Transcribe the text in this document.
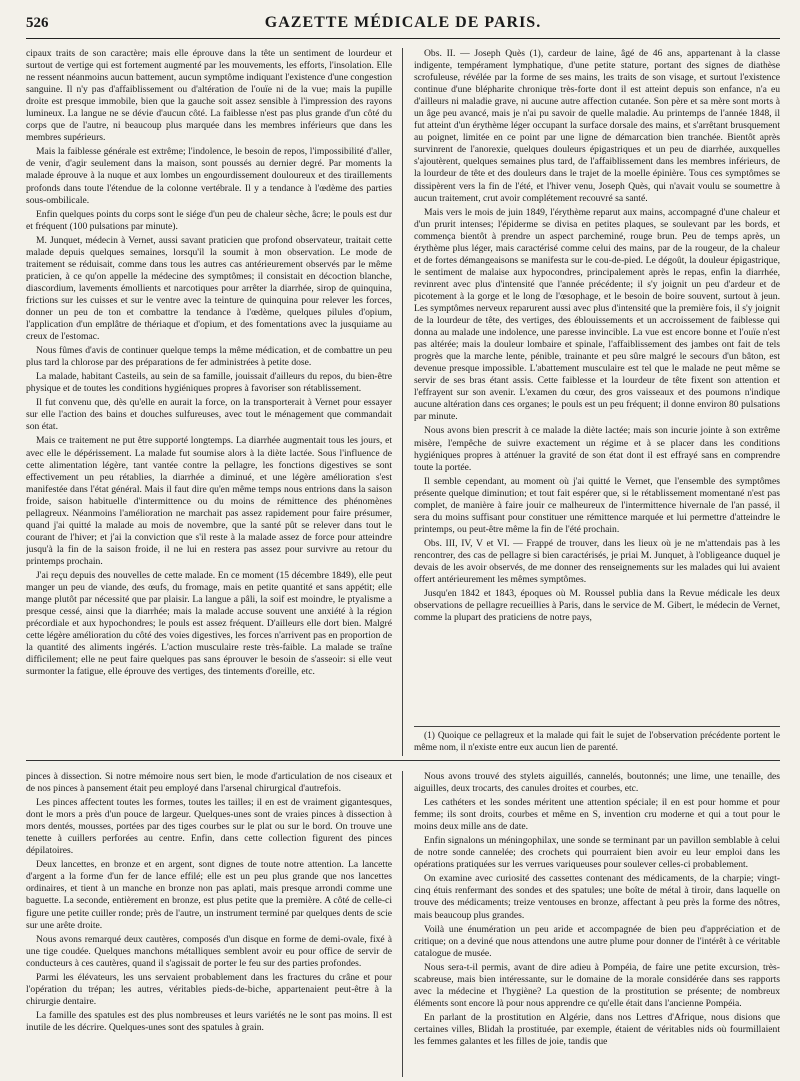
526	GAZETTE MÉDICALE DE PARIS.

cipaux traits de son caractère; mais elle éprouve dans la tête un sentiment de lourdeur et surtout de vertige qui est fortement augmenté par les mouvements, les efforts, l'insolation. Elle ne ressent néanmoins aucun battement, aucun symptôme indiquant l'existence d'une congestion sanguine. Il n'y pas d'affaiblissement ou d'altération de l'ouïe ni de la vue; mais la pupille droite est presque immobile, bien que la gauche soit assez sensible à l'impression des rayons lumineux. La langue ne se dévie d'aucun côté. La faiblesse n'est pas plus grande d'un côté du corps que de l'autre, ni beaucoup plus marquée dans les membres inférieurs que dans les membres supérieurs.

Mais la faiblesse générale est extrême; l'indolence, le besoin de repos, l'impossibilité d'aller, de venir, d'agir seulement dans la maison, sont poussés au dernier degré. Par moments la malade éprouve à la nuque et aux lombes un engourdissement douloureux et des tiraillements profonds dans toute l'étendue de la colonne vertébrale. Il y a tendance à l'œdème des parties sous-ombilicale.

Enfin quelques points du corps sont le siége d'un peu de chaleur sèche, âcre; le pouls est dur et fréquent (100 pulsations par minute).

M. Junquet, médecin à Vernet, aussi savant praticien que profond observateur, traitait cette malade depuis quelques semaines, lorsqu'il la soumit à mon observation. Le mode de traitement se réduisait, comme dans tous les autres cas antérieurement observés par le même praticien, à ce qu'on appelle la médecine des symptômes; il consistait en décoction blanche, diascordium, lavements émollients et narcotiques pour arrêter la diarrhée, sirop de quinquina, frictions sur les cuisses et sur le ventre avec la teinture de quinquina pour relever les forces, donner un peu de ton et combattre la tendance à l'œdème, quelques pilules d'opium, l'application d'un emplâtre de thériaque et d'opium, et des fomentations avec la jusquiame au creux de l'estomac.

Nous fûmes d'avis de continuer quelque temps la même médication, et de combattre un peu plus tard la chlorose par des préparations de fer administrées à petite dose.

La malade, habitant Casteils, au sein de sa famille, jouissait d'ailleurs du repos, du bien-être physique et de toutes les conditions hygiéniques propres à favoriser son rétablissement.

Il fut convenu que, dès qu'elle en aurait la force, on la transporterait à Vernet pour essayer sur elle l'action des bains et douches sulfureuses, avec tout le ménagement que commandait son état.

Mais ce traitement ne put être supporté longtemps. La diarrhée augmentait tous les jours, et avec elle le dépérissement. La malade fut soumise alors à la diète lactée. Sous l'influence de cette alimentation légère, tant vantée contre la pellagre, les fonctions digestives se sont effectivement un peu rétablies, la diarrhée a diminué, et une légère amélioration s'est manifestée dans l'état général. Mais il faut dire qu'en même temps nous entrions dans la saison froide, saison habituelle d'intermittence ou du moins de rémittence des phénomènes pellagreux. Néanmoins l'amélioration ne marchait pas assez rapidement pour faire présumer, quand j'ai quitté la malade au mois de novembre, que la santé pût se relever dans tout le courant de l'hiver; et j'ai la conviction que s'il reste à la malade assez de force pour atteindre jusqu'à la fin de la saison froide, il ne lui en restera pas assez pour survivre au retour du printemps prochain.

J'ai reçu depuis des nouvelles de cette malade. En ce moment (15 décembre 1849), elle peut manger un peu de viande, des œufs, du fromage, mais en petite quantité et sans appétit; elle mange plutôt par nécessité que par plaisir. La langue a pâli, la soif est moindre, le ptyalisme a presque cessé, ainsi que la diarrhée; mais la malade accuse souvent une anxiété à la région précordiale et aux hypochondres; le pouls est assez fréquent. D'ailleurs elle dort bien. Malgré cette légère amélioration du côté des voies digestives, les forces n'arrivent pas en proportion de la quantité des aliments ingérés. L'action musculaire reste très-faible. La malade se traîne difficilement; elle ne peut faire quelques pas sans éprouver le besoin de s'asseoir: si elle veut surmonter la fatigue, elle éprouve des vertiges, des tintements d'oreille, etc.

Obs. II. — Joseph Quès (1), cardeur de laine, âgé de 46 ans, appartenant à la classe indigente, tempérament lymphatique, d'une petite stature, portant des signes de diathèse scrofuleuse, révélée par la forme de ses mains, les traits de son visage, et surtout l'existence continue d'une blépharite chronique très-forte dont il est atteint depuis son enfance, n'a eu d'ailleurs ni maladie grave, ni aucune autre affection cutanée. Son père et sa mère sont morts à un âge peu avancé, mais je n'ai pu savoir de quelle maladie. Au printemps de l'année 1848, il fut atteint d'un érythème léger occupant la surface dorsale des mains, et s'arrêtant brusquement au poignet, limitée en ce point par une ligne de démarcation bien tranchée. Bientôt après survinrent de l'anorexie, quelques douleurs épigastriques et un peu de diarrhée, auxquelles s'ajoutèrent, quelques semaines plus tard, de l'affaiblissement dans les membres inférieurs, de la lourdeur de tête et des douleurs dans le trajet de la moelle épinière. Tous ces symptômes se dissipèrent vers la fin de l'été, et l'hiver venu, Joseph Quès, qui n'avait voulu se soumettre à aucun traitement, crut avoir complétement recouvré sa santé.

Mais vers le mois de juin 1849, l'érythème reparut aux mains, accompagné d'une chaleur et d'un prurit intenses; l'épiderme se divisa en petites plaques, se soulevant par les bords, et commença bientôt à prendre un aspect parcheminé, rouge brun. Peu de temps après, un érythème plus léger, mais caractérisé comme celui des mains, par de la rougeur, de la chaleur et de fortes démangeaisons se manifesta sur le cou-de-pied. Le dégoût, la douleur épigastrique, le sentiment de malaise aux hypocondres, principalement après le repas, enfin la diarrhée, revinrent avec plus d'intensité que l'année précédente; il s'y joignit un peu d'ardeur et de picotement à la gorge et le long de l'œsophage, et le besoin de boire souvent, surtout à jeun. Les symptômes nerveux reparurent aussi avec plus d'intensité que la première fois, il s'y joignit de la lourdeur de tête, des vertiges, des éblouissements et un accroissement de faiblesse qui donna au malade une indolence, une paresse invincible. La vue est encore bonne et l'ouïe n'est pas altérée; mais la douleur lombaire et spinale, l'affaiblissement des jambes ont fait de tels progrès que la marche lente, pénible, trainante et peu sûre malgré le secours d'un bâton, est devenue presque impossible. L'abattement musculaire est tel que le malade ne peut même se servir de ses bras étant assis. Cette faiblesse et la lourdeur de tête fixent son attention et l'effrayent sur son avenir. L'examen du cœur, des gros vaisseaux et des poumons n'indique aucune altération dans ces organes; le pouls est un peu fréquent; il donne environ 80 pulsations par minute.

Nous avons bien prescrit à ce malade la diète lactée; mais son incurie jointe à son extrême misère, l'empêche de suivre exactement un régime et à se placer dans les conditions hygiéniques propres à atténuer la gravité de son état dont il est effrayé sans en comprendre toute la portée.

Il semble cependant, au moment où j'ai quitté le Vernet, que l'ensemble des symptômes présente quelque diminution; et tout fait espérer que, si le rétablissement momentané n'est pas complet, de manière à faire jouir ce malheureux de l'intermittence hivernale de l'an passé, il sera du moins suffisant pour constituer une rémittence marquée et lui permettre d'atteindre le printemps, ou peut-être même la fin de l'été prochain.

Obs. III, IV, V et VI. — Frappé de trouver, dans les lieux où je ne m'attendais pas à les rencontrer, des cas de pellagre si bien caractérisés, je priai M. Junquet, à l'obligeance duquel je devais de les avoir observés, de me donner des renseignements sur les malades qui lui avaient offert antérieurement les mêmes symptômes.

Jusqu'en 1842 et 1843, époques où M. Roussel publia dans la Revue médicale les deux observations de pellagre recueillies à Paris, dans le service de M. Gibert, le médecin de Vernet, comme la plupart des praticiens de notre pays,

(1) Quoique ce pellagreux et la malade qui fait le sujet de l'observation précédente portent le même nom, il n'existe entre eux aucun lien de parenté.

pinces à dissection. Si notre mémoire nous sert bien, le mode d'articulation de nos ciseaux et de nos pinces à pansement était peu employé dans l'arsenal chirurgical d'autrefois.

Les pinces affectent toutes les formes, toutes les tailles; il en est de vraiment gigantesques, dont le mors a près d'un pouce de largeur. Quelques-unes sont de vraies pinces à dissection à mors dentés, mousses, portées par des tiges courbes sur le plat ou sur le bord. On trouve une tenette à cuillers perforées au centre. Enfin, dans cette collection figurent des pinces dépilatoires.

Deux lancettes, en bronze et en argent, sont dignes de toute notre attention. La lancette d'argent a la forme d'un fer de lance effilé; elle est un peu plus grande que nos lancettes ordinaires, et tient à un manche en bronze non pas aplati, mais presque arrondi comme une baguette. La seconde, entièrement en bronze, est plus petite que la première. A côté de celle-ci figure une petite cuiller ronde; près de l'autre, un instrument terminé par quelques dents de scie sur une arête droite.

Nous avons remarqué deux cautères, composés d'un disque en forme de demi-ovale, fixé à une tige coudée. Quelques manchons métalliques semblent avoir eu pour office de servir de conducteurs à ces cautères, quand il s'agissait de porter le feu sur des parties profondes.

Parmi les élévateurs, les uns servaient probablement dans les fractures du crâne et pour l'opération du trépan; les autres, véritables pieds-de-biche, appartenaient peut-être à la chirurgie dentaire.

La famille des spatules est des plus nombreuses et leurs variétés ne le sont pas moins. Il est inutile de les décrire. Quelques-unes sont des spatules à grain.

Nous avons trouvé des stylets aiguillés, cannelés, boutonnés; une lime, une tenaille, des aiguilles, deux trocarts, des canules droites et courbes, etc.

Les cathéters et les sondes méritent une attention spéciale; il en est pour homme et pour femme; ils sont droits, courbes et même en S, invention cru moderne et qui a tout pour le moins deux mille ans de date.

Enfin signalons un méningophilax, une sonde se terminant par un pavillon semblable à celui de notre sonde cannelée; des crochets qui pourraient bien avoir eu leur emploi dans les opérations pratiquées sur les verrues variqueuses pour soulever celles-ci probablement.

On examine avec curiosité des cassettes contenant des médicaments, de la charpie; vingt-cinq étuis renfermant des sondes et des spatules; une boîte de métal à tiroir, dans laquelle on trouve des médicaments; treize ventouses en bronze, affectant à peu près la forme des nôtres, mais beaucoup plus grandes.

Voilà une énumération un peu aride et accompagnée de bien peu d'appréciation et de critique; on a deviné que nous attendons une autre plume pour donner de l'intérêt à ce véritable catalogue de musée.

Nous sera-t-il permis, avant de dire adieu à Pompéia, de faire une petite excursion, très-scabreuse, mais bien intéressante, sur le domaine de la morale considérée dans ses rapports avec la médecine et l'hygiène? La question de la prostitution se présente; de nombreux éléments sont encore là pour nous apprendre ce qu'elle était dans l'ancienne Pompéia.

En parlant de la prostitution en Algérie, dans nos Lettres d'Afrique, nous disions que certaines villes, Blidah la prostituée, par exemple, étaient de véritables nids où fourmillaient les femmes galantes et les filles de joie, tandis que
